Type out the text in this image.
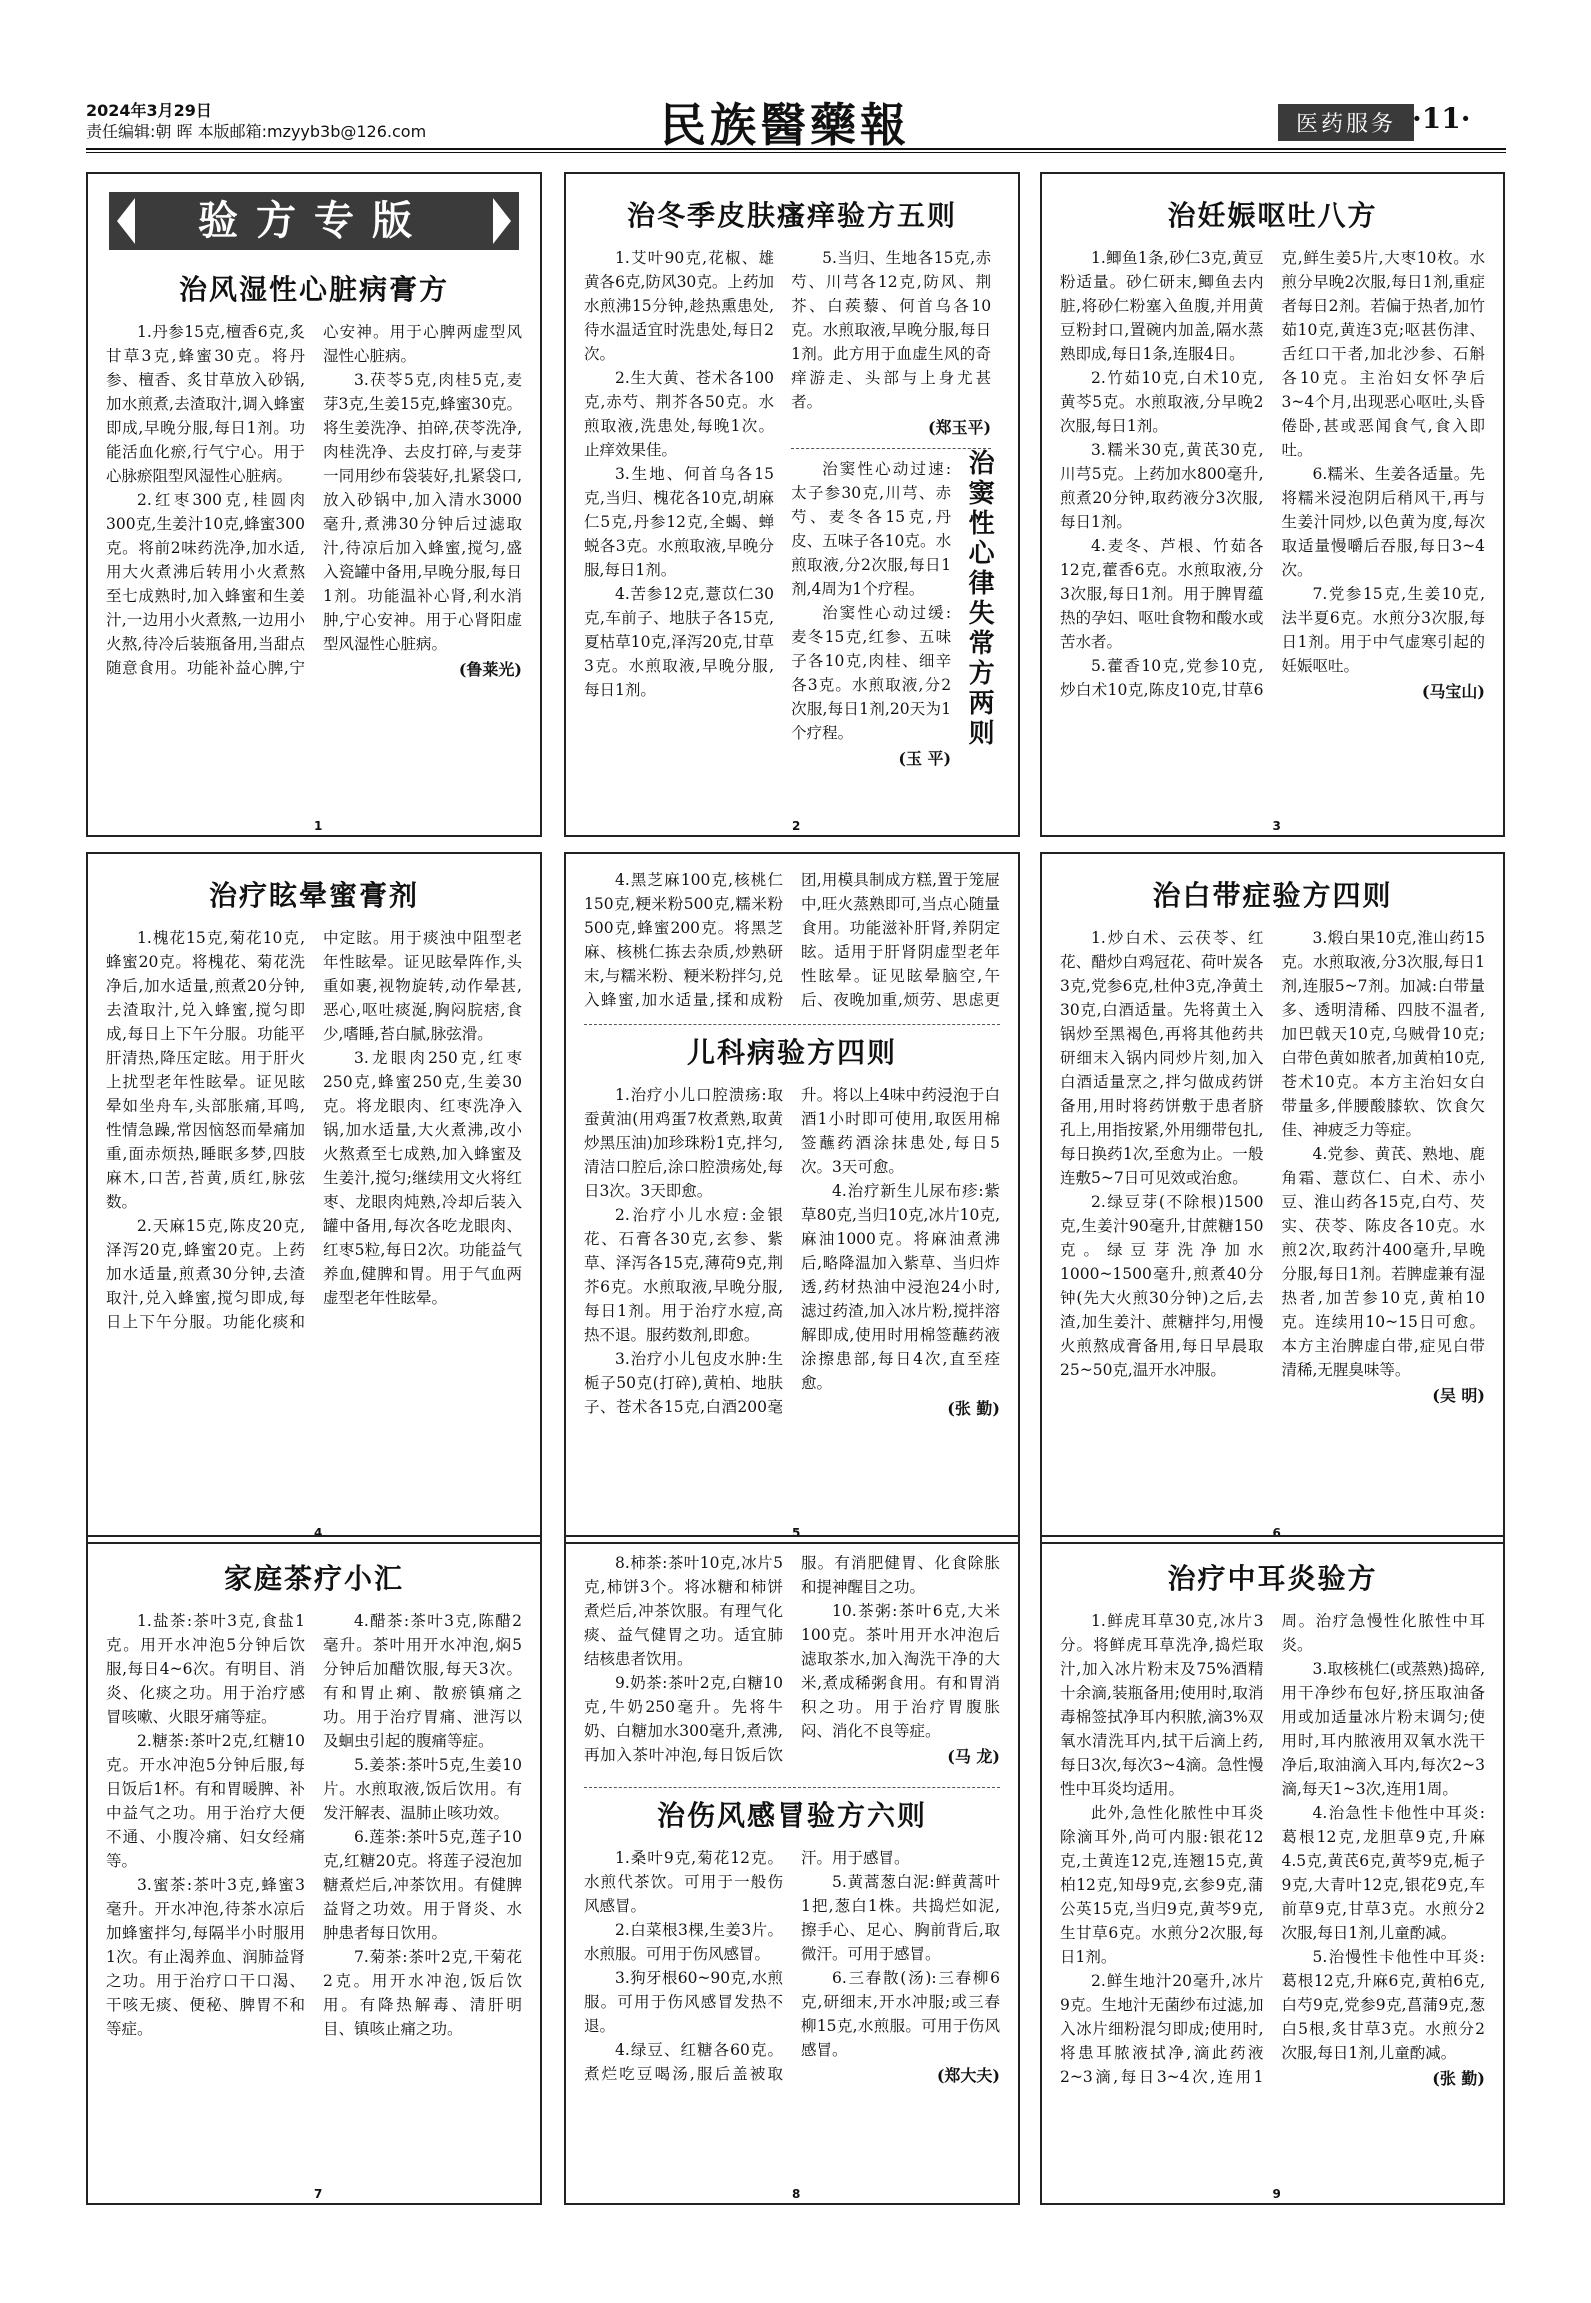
2024年3月29日
责任编辑:朝 晖 本版邮箱:mzyyb3b@126.com	民族醫藥報	医药服务 ·11·
验方专版
治风湿性心脏病膏方

1.丹参15克,檀香6克,炙甘草3克,蜂蜜30克。将丹参、檀香、炙甘草放入砂锅,加水煎煮,去渣取汁,调入蜂蜜即成,早晚分服,每日1剂。功能活血化瘀,行气宁心。用于心脉瘀阻型风湿性心脏病。

2.红枣300克,桂圆肉300克,生姜汁10克,蜂蜜300克。将前2味药洗净,加水适,用大火煮沸后转用小火煮熬至七成熟时,加入蜂蜜和生姜汁,一边用小火煮熬,一边用小火熬,待冷后装瓶备用,当甜点随意食用。功能补益心脾,宁心安神。用于心脾两虚型风湿性心脏病。

3.茯苓5克,肉桂5克,麦芽3克,生姜15克,蜂蜜30克。将生姜洗净、拍碎,茯苓洗净,肉桂洗净、去皮打碎,与麦芽一同用纱布袋装好,扎紧袋口,放入砂锅中,加入清水3000毫升,煮沸30分钟后过滤取汁,待凉后加入蜂蜜,搅匀,盛入瓷罐中备用,早晚分服,每日1剂。功能温补心肾,利水消肿,宁心安神。用于心肾阳虚型风湿性心脏病。

(鲁莱光)
1
治冬季皮肤瘙痒验方五则

1.艾叶90克,花椒、雄黄各6克,防风30克。上药加水煎沸15分钟,趁热熏患处,待水温适宜时洗患处,每日2次。

2.生大黄、苍术各100克,赤芍、荆芥各50克。水煎取液,洗患处,每晚1次。止痒效果佳。

3.生地、何首乌各15克,当归、槐花各10克,胡麻仁5克,丹参12克,全蝎、蝉蜕各3克。水煎取液,早晚分服,每日1剂。

4.苦参12克,薏苡仁30克,车前子、地肤子各15克,夏枯草10克,泽泻20克,甘草3克。水煎取液,早晚分服,每日1剂。

5.当归、生地各15克,赤芍、川芎各12克,防风、荆芥、白蒺藜、何首乌各10克。水煎取液,早晚分服,每日1剂。此方用于血虚生风的奇痒游走、头部与上身尤甚者。

(郑玉平)
治窦性心律失常方两则

治窦性心动过速:太子参30克,川芎、赤芍、麦冬各15克,丹皮、五味子各10克。水煎取液,分2次服,每日1剂,4周为1个疗程。

治窦性心动过缓:麦冬15克,红参、五味子各10克,肉桂、细辛各3克。水煎取液,分2次服,每日1剂,20天为1个疗程。

(玉 平)
2
治妊娠呕吐八方

1.鲫鱼1条,砂仁3克,黄豆粉适量。砂仁研末,鲫鱼去内脏,将砂仁粉塞入鱼腹,并用黄豆粉封口,置碗内加盖,隔水蒸熟即成,每日1条,连服4日。

2.竹茹10克,白术10克,黄芩5克。水煎取液,分早晚2次服,每日1剂。

3.糯米30克,黄芪30克,川芎5克。上药加水800毫升,煎煮20分钟,取药液分3次服,每日1剂。

4.麦冬、芦根、竹茹各12克,藿香6克。水煎取液,分3次服,每日1剂。用于脾胃蕴热的孕妇、呕吐食物和酸水或苦水者。

5.藿香10克,党参10克,炒白术10克,陈皮10克,甘草6克,鲜生姜5片,大枣10枚。水煎分早晚2次服,每日1剂,重症者每日2剂。若偏于热者,加竹茹10克,黄连3克;呕甚伤津、舌红口干者,加北沙参、石斛各10克。主治妇女怀孕后3~4个月,出现恶心呕吐,头昏倦卧,甚或恶闻食气,食入即吐。

6.糯米、生姜各适量。先将糯米浸泡阴后稍风干,再与生姜汁同炒,以色黄为度,每次取适量慢嚼后吞服,每日3~4次。

7.党参15克,生姜10克,法半夏6克。水煎分3次服,每日1剂。用于中气虚寒引起的妊娠呕吐。

(马宝山)
3
治疗眩晕蜜膏剂

1.槐花15克,菊花10克,蜂蜜20克。将槐花、菊花洗净后,加水适量,煎煮20分钟,去渣取汁,兑入蜂蜜,搅匀即成,每日上下午分服。功能平肝清热,降压定眩。用于肝火上扰型老年性眩晕。证见眩晕如坐舟车,头部胀痛,耳鸣,性情急躁,常因恼怒而晕痛加重,面赤烦热,睡眠多梦,四肢麻木,口苦,苔黄,质红,脉弦数。

2.天麻15克,陈皮20克,泽泻20克,蜂蜜20克。上药加水适量,煎煮30分钟,去渣取汁,兑入蜂蜜,搅匀即成,每日上下午分服。功能化痰和中定眩。用于痰浊中阻型老年性眩晕。证见眩晕阵作,头重如裹,视物旋转,动作晕甚,恶心,呕吐痰涎,胸闷脘痞,食少,嗜睡,苔白腻,脉弦滑。

3.龙眼肉250克,红枣250克,蜂蜜250克,生姜30克。将龙眼肉、红枣洗净入锅,加水适量,大火煮沸,改小火熬煮至七成熟,加入蜂蜜及生姜汁,搅匀;继续用文火将红枣、龙眼肉炖熟,冷却后装入罐中备用,每次各吃龙眼肉、红枣5粒,每日2次。功能益气养血,健脾和胃。用于气血两虚型老年性眩晕。

4

4.黑芝麻100克,核桃仁150克,粳米粉500克,糯米粉500克,蜂蜜200克。将黑芝麻、核桃仁拣去杂质,炒熟研末,与糯米粉、粳米粉拌匀,兑入蜂蜜,加水适量,揉和成粉团,用模具制成方糕,置于笼屉中,旺火蒸熟即可,当点心随量食用。功能滋补肝肾,养阴定眩。适用于肝肾阴虚型老年性眩晕。证见眩晕脑空,午后、夜晚加重,烦劳、思虑更

儿科病验方四则

1.治疗小儿口腔溃疡:取蚕黄油(用鸡蛋7枚煮熟,取黄炒黑压油)加珍珠粉1克,拌匀,清洁口腔后,涂口腔溃疡处,每日3次。3天即愈。

2.治疗小儿水痘:金银花、石膏各30克,玄参、紫草、泽泻各15克,薄荷9克,荆芥6克。水煎取液,早晚分服,每日1剂。用于治疗水痘,高热不退。服药数剂,即愈。

3.治疗小儿包皮水肿:生栀子50克(打碎),黄柏、地肤子、苍术各15克,白酒200毫升。将以上4味中药浸泡于白酒1小时即可使用,取医用棉签蘸药酒涂抹患处,每日5次。3天可愈。

4.治疗新生儿尿布疹:紫草80克,当归10克,冰片10克,麻油1000克。将麻油煮沸后,略降温加入紫草、当归炸透,药材热油中浸泡24小时,滤过药渣,加入冰片粉,搅拌溶解即成,使用时用棉签蘸药液涂擦患部,每日4次,直至痊愈。

(张 勤)
5
治白带症验方四则

1.炒白术、云茯苓、红花、醋炒白鸡冠花、荷叶炭各3克,党参6克,杜仲3克,净黄土30克,白酒适量。先将黄土入锅炒至黑褐色,再将其他药共研细末入锅内同炒片刻,加入白酒适量烹之,拌匀做成药饼备用,用时将药饼敷于患者脐孔上,用指按紧,外用绷带包扎,每日换药1次,至愈为止。一般连敷5~7日可见效或治愈。

2.绿豆芽(不除根)1500克,生姜汁90毫升,甘蔗糖150克。绿豆芽洗净加水1000~1500毫升,煎煮40分钟(先大火煎30分钟)之后,去渣,加生姜汁、蔗糖拌匀,用慢火煎熬成膏备用,每日早晨取25~50克,温开水冲服。

3.煅白果10克,淮山药15克。水煎取液,分3次服,每日1剂,连服5~7剂。加减:白带量多、透明清稀、四肢不温者,加巴戟天10克,乌贼骨10克;白带色黄如脓者,加黄柏10克,苍术10克。本方主治妇女白带量多,伴腰酸膝软、饮食欠佳、神疲乏力等症。

4.党参、黄芪、熟地、鹿角霜、薏苡仁、白术、赤小豆、淮山药各15克,白芍、芡实、茯苓、陈皮各10克。水煎2次,取药汁400毫升,早晚分服,每日1剂。若脾虚兼有湿热者,加苦参10克,黄柏10克。连续用10~15日可愈。本方主治脾虚白带,症见白带清稀,无腥臭味等。

(吴 明)
6
家庭茶疗小汇

1.盐茶:茶叶3克,食盐1克。用开水冲泡5分钟后饮服,每日4~6次。有明目、消炎、化痰之功。用于治疗感冒咳嗽、火眼牙痛等症。

2.糖茶:茶叶2克,红糖10克。开水冲泡5分钟后服,每日饭后1杯。有和胃暖脾、补中益气之功。用于治疗大便不通、小腹冷痛、妇女经痛等。

3.蜜茶:茶叶3克,蜂蜜3毫升。开水冲泡,待茶水凉后加蜂蜜拌匀,每隔半小时服用1次。有止渴养血、润肺益肾之功。用于治疗口干口渴、干咳无痰、便秘、脾胃不和等症。

4.醋茶:茶叶3克,陈醋2毫升。茶叶用开水冲泡,焖5分钟后加醋饮服,每天3次。有和胃止痢、散瘀镇痛之功。用于治疗胃痛、泄泻以及蛔虫引起的腹痛等症。

5.姜茶:茶叶5克,生姜10片。水煎取液,饭后饮用。有发汗解表、温肺止咳功效。

6.莲茶:茶叶5克,莲子10克,红糖20克。将莲子浸泡加糖煮烂后,冲茶饮用。有健脾益肾之功效。用于肾炎、水肿患者每日饮用。

7.菊茶:茶叶2克,干菊花2克。用开水冲泡,饭后饮用。有降热解毒、清肝明目、镇咳止痛之功。

7

8.柿茶:茶叶10克,冰片5克,柿饼3个。将冰糖和柿饼煮烂后,冲茶饮服。有理气化痰、益气健胃之功。适宜肺结核患者饮用。

9.奶茶:茶叶2克,白糖10克,牛奶250毫升。先将牛奶、白糖加水300毫升,煮沸,再加入茶叶冲泡,每日饭后饮服。有消肥健胃、化食除胀和提神醒目之功。

10.茶粥:茶叶6克,大米100克。茶叶用开水冲泡后滤取茶水,加入淘洗干净的大米,煮成稀粥食用。有和胃消积之功。用于治疗胃腹胀闷、消化不良等症。

(马 龙)
治伤风感冒验方六则

1.桑叶9克,菊花12克。水煎代茶饮。可用于一般伤风感冒。

2.白菜根3棵,生姜3片。水煎服。可用于伤风感冒。

3.狗牙根60~90克,水煎服。可用于伤风感冒发热不退。

4.绿豆、红糖各60克。煮烂吃豆喝汤,服后盖被取汗。用于感冒。

5.黄蒿葱白泥:鲜黄蒿叶1把,葱白1株。共捣烂如泥,擦手心、足心、胸前背后,取微汗。可用于感冒。

6.三春散(汤):三春柳6克,研细末,开水冲服;或三春柳15克,水煎服。可用于伤风感冒。

(郑大夫)
8
治疗中耳炎验方

1.鲜虎耳草30克,冰片3分。将鲜虎耳草洗净,捣烂取汁,加入冰片粉末及75%酒精十余滴,装瓶备用;使用时,取消毒棉签拭净耳内积脓,滴3%双氧水清洗耳内,拭干后滴上药,每日3次,每次3~4滴。急性慢性中耳炎均适用。

此外,急性化脓性中耳炎除滴耳外,尚可内服:银花12克,土黄连12克,连翘15克,黄柏12克,知母9克,玄参9克,蒲公英15克,当归9克,黄芩9克,生甘草6克。水煎分2次服,每日1剂。

2.鲜生地汁20毫升,冰片9克。生地汁无菌纱布过滤,加入冰片细粉混匀即成;使用时,将患耳脓液拭净,滴此药液2~3滴,每日3~4次,连用1周。治疗急慢性化脓性中耳炎。

3.取核桃仁(或蒸熟)捣碎,用干净纱布包好,挤压取油备用或加适量冰片粉末调匀;使用时,耳内脓液用双氧水洗干净后,取油滴入耳内,每次2~3滴,每天1~3次,连用1周。

4.治急性卡他性中耳炎:葛根12克,龙胆草9克,升麻4.5克,黄芪6克,黄芩9克,栀子9克,大青叶12克,银花9克,车前草9克,甘草3克。水煎分2次服,每日1剂,儿童酌减。

5.治慢性卡他性中耳炎:葛根12克,升麻6克,黄柏6克,白芍9克,党参9克,菖蒲9克,葱白5根,炙甘草3克。水煎分2次服,每日1剂,儿童酌减。

(张 勤)
9
